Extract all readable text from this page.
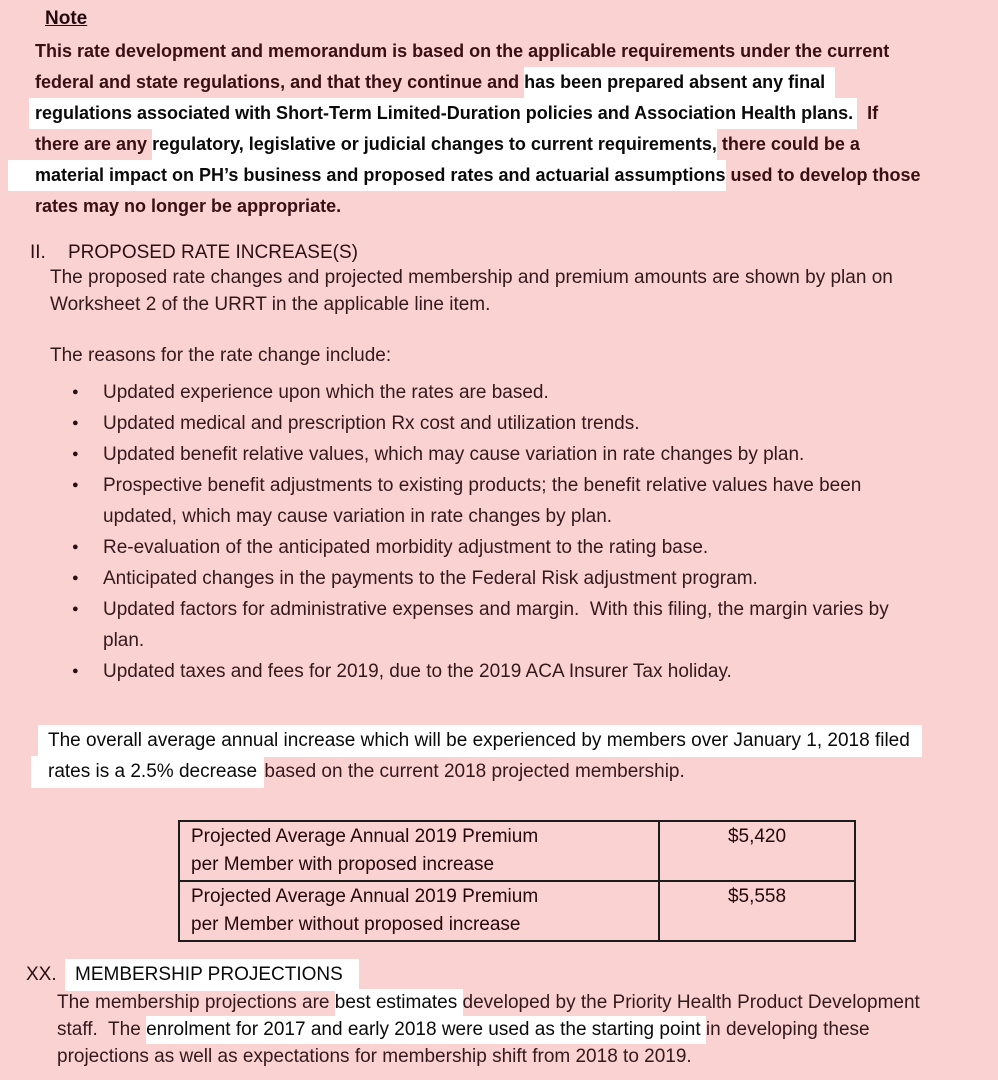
Note
This rate development and memorandum is based on the applicable requirements under the current
federal and state regulations, and that they continue and has been prepared absent any final
regulations associated with Short-Term Limited-Duration policies and Association Health plans.  If
there are any regulatory, legislative or judicial changes to current requirements, there could be a
material impact on PH’s business and proposed rates and actuarial assumptions used to develop those
rates may no longer be appropriate.
II. PROPOSED RATE INCREASE(S)
The proposed rate changes and projected membership and premium amounts are shown by plan on
Worksheet 2 of the URRT in the applicable line item.
The reasons for the rate change include:
● Updated experience upon which the rates are based.
● Updated medical and prescription Rx cost and utilization trends.
● Updated benefit relative values, which may cause variation in rate changes by plan.
● Prospective benefit adjustments to existing products; the benefit relative values have been
updated, which may cause variation in rate changes by plan.
● Re-evaluation of the anticipated morbidity adjustment to the rating base.
● Anticipated changes in the payments to the Federal Risk adjustment program.
● Updated factors for administrative expenses and margin.  With this filing, the margin varies by
plan.
● Updated taxes and fees for 2019, due to the 2019 ACA Insurer Tax holiday.
The overall average annual increase which will be experienced by members over January 1, 2018 filed
rates is a 2.5% decrease based on the current 2018 projected membership.
Projected Average Annual 2019 Premium
per Member with proposed increase	$5,420

Projected Average Annual 2019 Premium
per Member without proposed increase	$5,558
XX. MEMBERSHIP PROJECTIONS
The membership projections are best estimates developed by the Priority Health Product Development
staff.  The enrolment for 2017 and early 2018 were used as the starting point in developing these
projections as well as expectations for membership shift from 2018 to 2019.
